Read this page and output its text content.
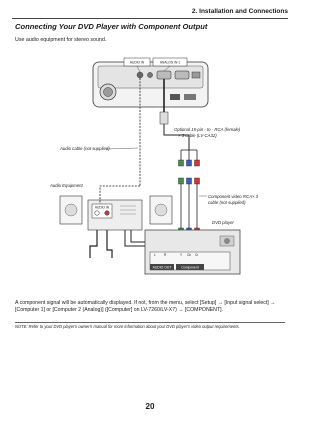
2. Installation and Connections
Connecting Your DVD Player with Component Output
Use audio equipment for stereo sound.
AUDIO IN	ANALOG IN-1
Optional 15-pin - to - RCA (female)
× 3 cable (LV-CA32)
Audio cable (not supplied)
Component video RCA× 3
cable (not supplied)
Audio Equipment
AUDIO IN
DVD player
L	R	Y Cb Cr
AUDIO OUT	Component
A component signal will be automatically displayed. If not, from the menu, select [Setup] → [Input signal select] →
[Computer 1] or [Computer 2 (Analog)] ([Computer] on LV-7260/LV-X7) → [COMPONENT].
NOTE: Refer to your DVD player's owner's manual for more information about your DVD player's video output requirements.
20
